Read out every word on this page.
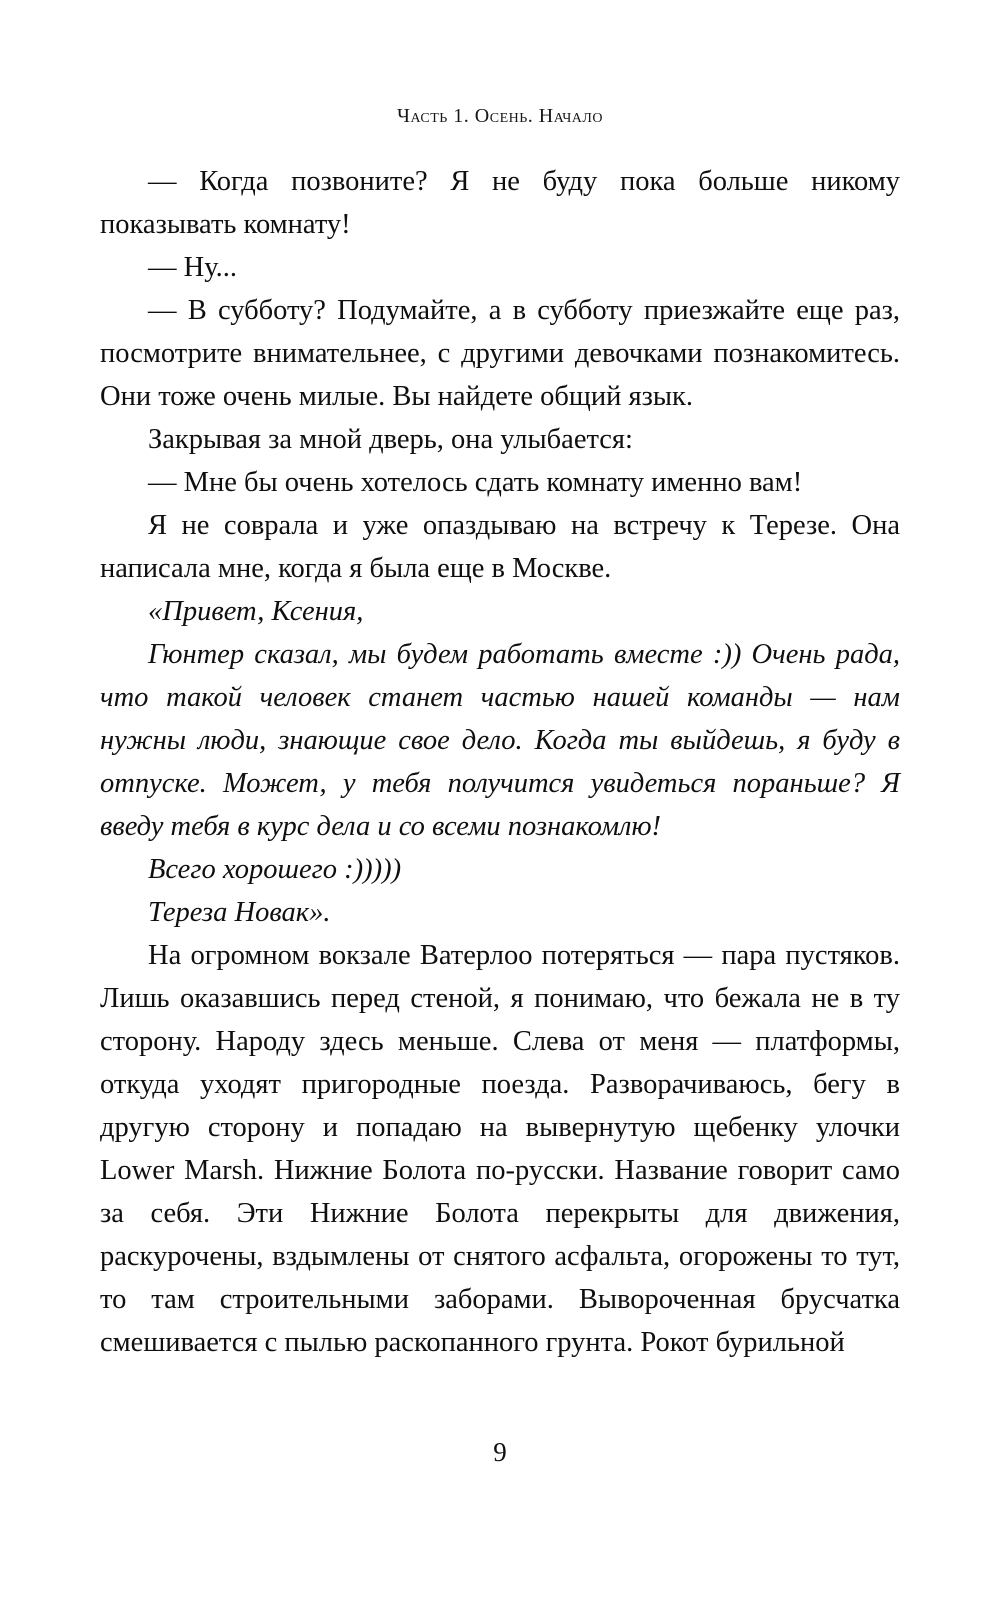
Часть 1. Осень. Начало

— Когда позвоните? Я не буду пока больше никому показывать комнату!

— Ну...

— В субботу? Подумайте, а в субботу приезжайте еще раз, посмотрите внимательнее, с другими девочками познакомитесь. Они тоже очень милые. Вы найдете общий язык.

Закрывая за мной дверь, она улыбается:

— Мне бы очень хотелось сдать комнату именно вам!

Я не соврала и уже опаздываю на встречу к Терезе. Она написала мне, когда я была еще в Москве.

«Привет, Ксения,

Гюнтер сказал, мы будем работать вместе :)) Очень рада, что такой человек станет частью нашей команды — нам нужны люди, знающие свое дело. Когда ты выйдешь, я буду в отпуске. Может, у тебя получится увидеться пораньше? Я введу тебя в курс дела и со всеми познакомлю!

Всего хорошего :)))))

Тереза Новак».

На огромном вокзале Ватерлоо потеряться — пара пустяков. Лишь оказавшись перед стеной, я понимаю, что бежала не в ту сторону. Народу здесь меньше. Слева от меня — платформы, откуда уходят пригородные поезда. Разворачиваюсь, бегу в другую сторону и попадаю на вывернутую щебенку улочки Lower Marsh. Нижние Болота по-русски. Название говорит само за себя. Эти Нижние Болота перекрыты для движения, раскурочены, вздымлены от снятого асфальта, огорожены то тут, то там строительными заборами. Вывороченная брусчатка смешивается с пылью раскопанного грунта. Рокот бурильной

9
